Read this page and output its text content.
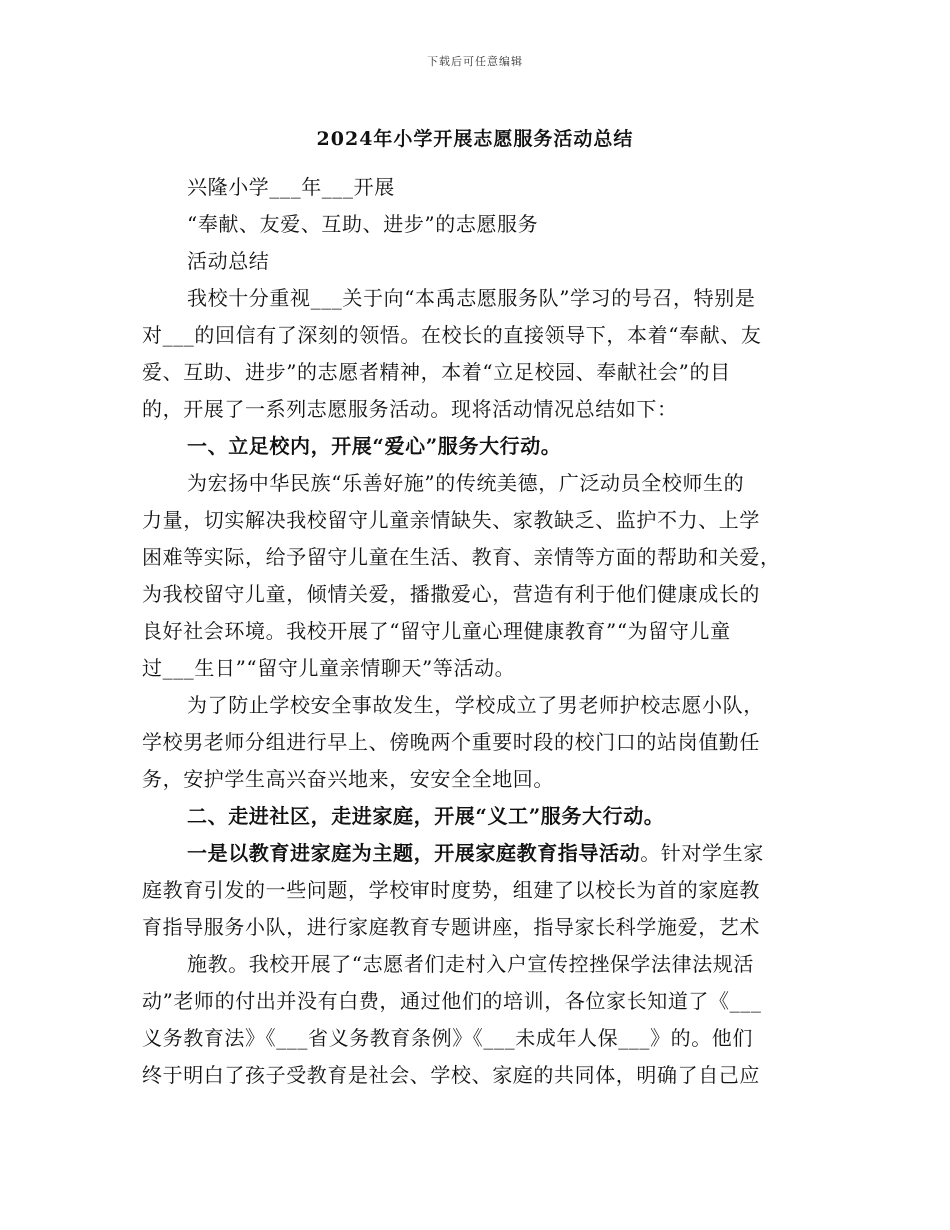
下载后可任意编辑
2024年小学开展志愿服务活动总结
兴隆小学___年___开展
“奉献、友爱、互助、进步”的志愿服务
活动总结
我校十分重视___关于向“本禹志愿服务队”学习的号召，特别是
对___的回信有了深刻的领悟。在校长的直接领导下，本着“奉献、友
爱、互助、进步”的志愿者精神，本着“立足校园、奉献社会”的目
的，开展了一系列志愿服务活动。现将活动情况总结如下：
一、立足校内，开展“爱心”服务大行动。
为宏扬中华民族“乐善好施”的传统美德，广泛动员全校师生的
力量，切实解决我校留守儿童亲情缺失、家教缺乏、监护不力、上学
困难等实际，给予留守儿童在生活、教育、亲情等方面的帮助和关爱，
为我校留守儿童，倾情关爱，播撒爱心，营造有利于他们健康成长的
良好社会环境。我校开展了“留守儿童心理健康教育”“为留守儿童
过___生日”“留守儿童亲情聊天”等活动。
为了防止学校安全事故发生，学校成立了男老师护校志愿小队，
学校男老师分组进行早上、傍晚两个重要时段的校门口的站岗值勤任
务，安护学生高兴奋兴地来，安安全全地回。
二、走进社区，走进家庭，开展“义工”服务大行动。
一是以教育进家庭为主题，开展家庭教育指导活动。针对学生家
庭教育引发的一些问题，学校审时度势，组建了以校长为首的家庭教
育指导服务小队，进行家庭教育专题讲座，指导家长科学施爱，艺术
施教。我校开展了“志愿者们走村入户宣传控挫保学法律法规活
动”老师的付出并没有白费，通过他们的培训，各位家长知道了《___
义务教育法》《___省义务教育条例》《___未成年人保___》的。他们
终于明白了孩子受教育是社会、学校、家庭的共同体，明确了自己应
